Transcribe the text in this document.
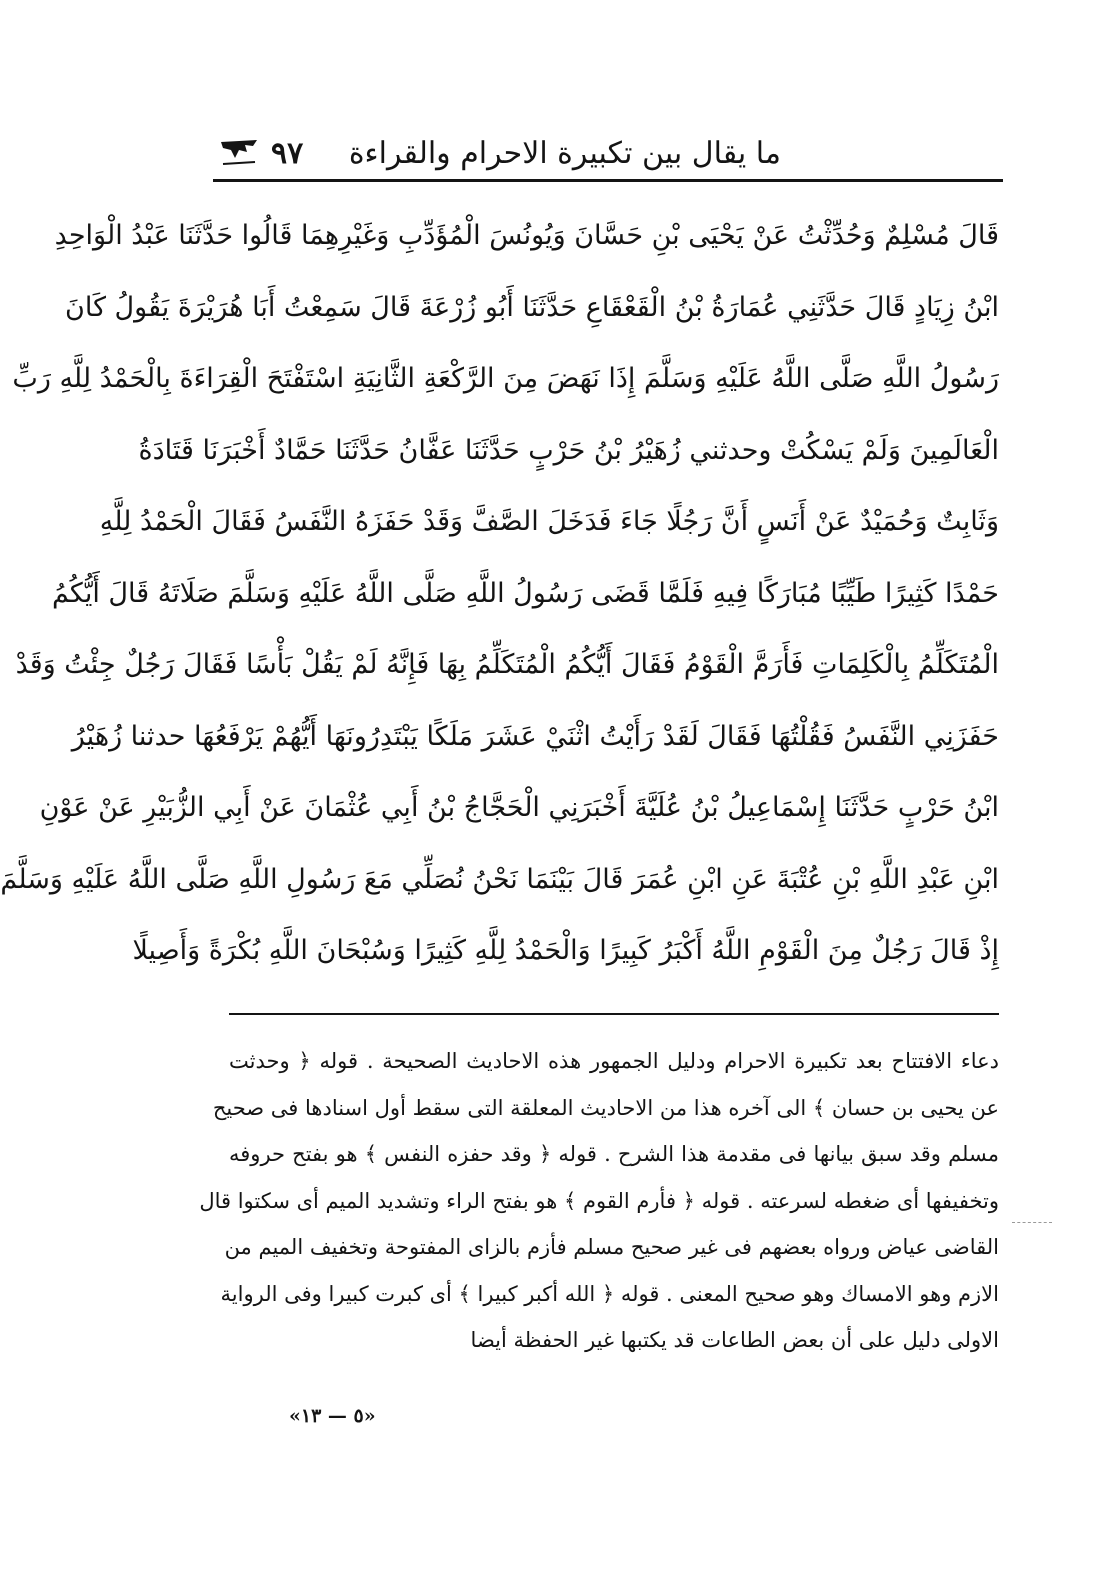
ما يقال بين تكبيرة الاحرام والقراءة
٩٧
قَالَ مُسْلِمٌ وَحُدِّثْتُ عَنْ يَحْيَى بْنِ حَسَّانَ وَيُونُسَ الْمُؤَدِّبِ وَغَيْرِهِمَا قَالُوا حَدَّثَنَا عَبْدُ الْوَاحِدِ
ابْنُ زِيَادٍ قَالَ حَدَّثَنِي عُمَارَةُ بْنُ الْقَعْقَاعِ حَدَّثَنَا أَبُو زُرْعَةَ قَالَ سَمِعْتُ أَبَا هُرَيْرَةَ يَقُولُ كَانَ
رَسُولُ اللَّهِ صَلَّى اللَّهُ عَلَيْهِ وَسَلَّمَ إِذَا نَهَضَ مِنَ الرَّكْعَةِ الثَّانِيَةِ اسْتَفْتَحَ الْقِرَاءَةَ بِالْحَمْدُ لِلَّهِ رَبِّ
الْعَالَمِينَ وَلَمْ يَسْكُتْ وحدثني زُهَيْرُ بْنُ حَرْبٍ حَدَّثَنَا عَفَّانُ حَدَّثَنَا حَمَّادٌ أَخْبَرَنَا قَتَادَةُ
وَثَابِتٌ وَحُمَيْدٌ عَنْ أَنَسٍ أَنَّ رَجُلًا جَاءَ فَدَخَلَ الصَّفَّ وَقَدْ حَفَزَهُ النَّفَسُ فَقَالَ الْحَمْدُ لِلَّهِ
حَمْدًا كَثِيرًا طَيِّبًا مُبَارَكًا فِيهِ فَلَمَّا قَضَى رَسُولُ اللَّهِ صَلَّى اللَّهُ عَلَيْهِ وَسَلَّمَ صَلَاتَهُ قَالَ أَيُّكُمُ
الْمُتَكَلِّمُ بِالْكَلِمَاتِ فَأَرَمَّ الْقَوْمُ فَقَالَ أَيُّكُمُ الْمُتَكَلِّمُ بِهَا فَإِنَّهُ لَمْ يَقُلْ بَأْسًا فَقَالَ رَجُلٌ جِئْتُ وَقَدْ
حَفَزَنِي النَّفَسُ فَقُلْتُهَا فَقَالَ لَقَدْ رَأَيْتُ اثْنَيْ عَشَرَ مَلَكًا يَبْتَدِرُونَهَا أَيُّهُمْ يَرْفَعُهَا حدثنا زُهَيْرُ
ابْنُ حَرْبٍ حَدَّثَنَا إِسْمَاعِيلُ بْنُ عُلَيَّةَ أَخْبَرَنِي الْحَجَّاجُ بْنُ أَبِي عُثْمَانَ عَنْ أَبِي الزُّبَيْرِ عَنْ عَوْنِ
ابْنِ عَبْدِ اللَّهِ بْنِ عُتْبَةَ عَنِ ابْنِ عُمَرَ قَالَ بَيْنَمَا نَحْنُ نُصَلِّي مَعَ رَسُولِ اللَّهِ صَلَّى اللَّهُ عَلَيْهِ وَسَلَّمَ
إِذْ قَالَ رَجُلٌ مِنَ الْقَوْمِ اللَّهُ أَكْبَرُ كَبِيرًا وَالْحَمْدُ لِلَّهِ كَثِيرًا وَسُبْحَانَ اللَّهِ بُكْرَةً وَأَصِيلًا
دعاء الافتتاح بعد تكبيرة الاحرام ودليل الجمهور هذه الاحاديث الصحيحة . قوله ﴿ وحدثت
عن يحيى بن حسان ﴾ الى آخره هذا من الاحاديث المعلقة التى سقط أول اسنادها فى صحيح
مسلم وقد سبق بيانها فى مقدمة هذا الشرح . قوله ﴿ وقد حفزه النفس ﴾ هو بفتح حروفه
وتخفيفها أى ضغطه لسرعته . قوله ﴿ فأرم القوم ﴾ هو بفتح الراء وتشديد الميم أى سكتوا قال
القاضى عياض ورواه بعضهم فى غير صحيح مسلم فأزم بالزاى المفتوحة وتخفيف الميم من
الازم وهو الامساك وهو صحيح المعنى . قوله ﴿ الله أكبر كبيرا ﴾ أى كبرت كبيرا وفى الرواية
الاولى دليل على أن بعض الطاعات قد يكتبها غير الحفظة أيضا
«٥ — ١٣»
